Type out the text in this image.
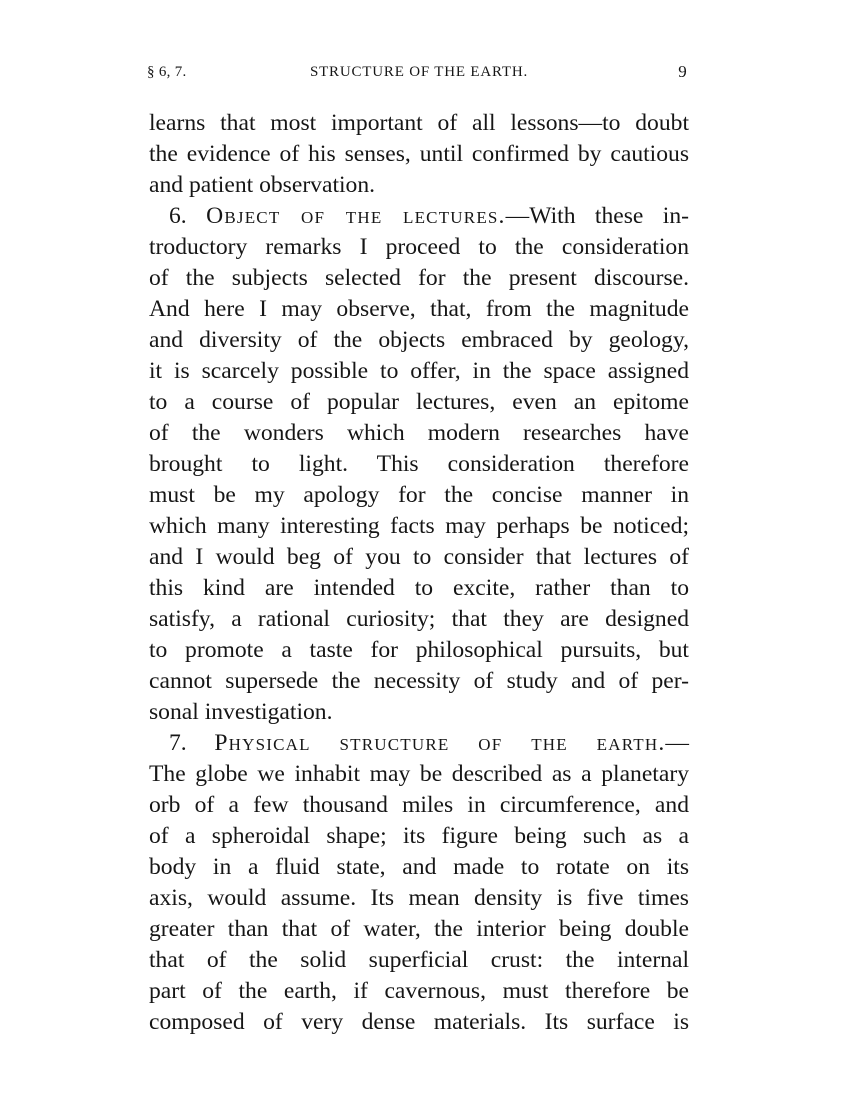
§ 6, 7.	STRUCTURE OF THE EARTH.	9
learns that most important of all lessons—to doubt
the evidence of his senses, until confirmed by cautious
and patient observation.
6. Object of the lectures.—With these in-
troductory remarks I proceed to the consideration
of the subjects selected for the present discourse.
And here I may observe, that, from the magnitude
and diversity of the objects embraced by geology,
it is scarcely possible to offer, in the space assigned
to a course of popular lectures, even an epitome
of the wonders which modern researches have
brought to light. This consideration therefore
must be my apology for the concise manner in
which many interesting facts may perhaps be noticed;
and I would beg of you to consider that lectures of
this kind are intended to excite, rather than to
satisfy, a rational curiosity; that they are designed
to promote a taste for philosophical pursuits, but
cannot supersede the necessity of study and of per-
sonal investigation.
7. Physical structure of the earth.—
The globe we inhabit may be described as a planetary
orb of a few thousand miles in circumference, and
of a spheroidal shape; its figure being such as a
body in a fluid state, and made to rotate on its
axis, would assume. Its mean density is five times
greater than that of water, the interior being double
that of the solid superficial crust: the internal
part of the earth, if cavernous, must therefore be
composed of very dense materials. Its surface is
